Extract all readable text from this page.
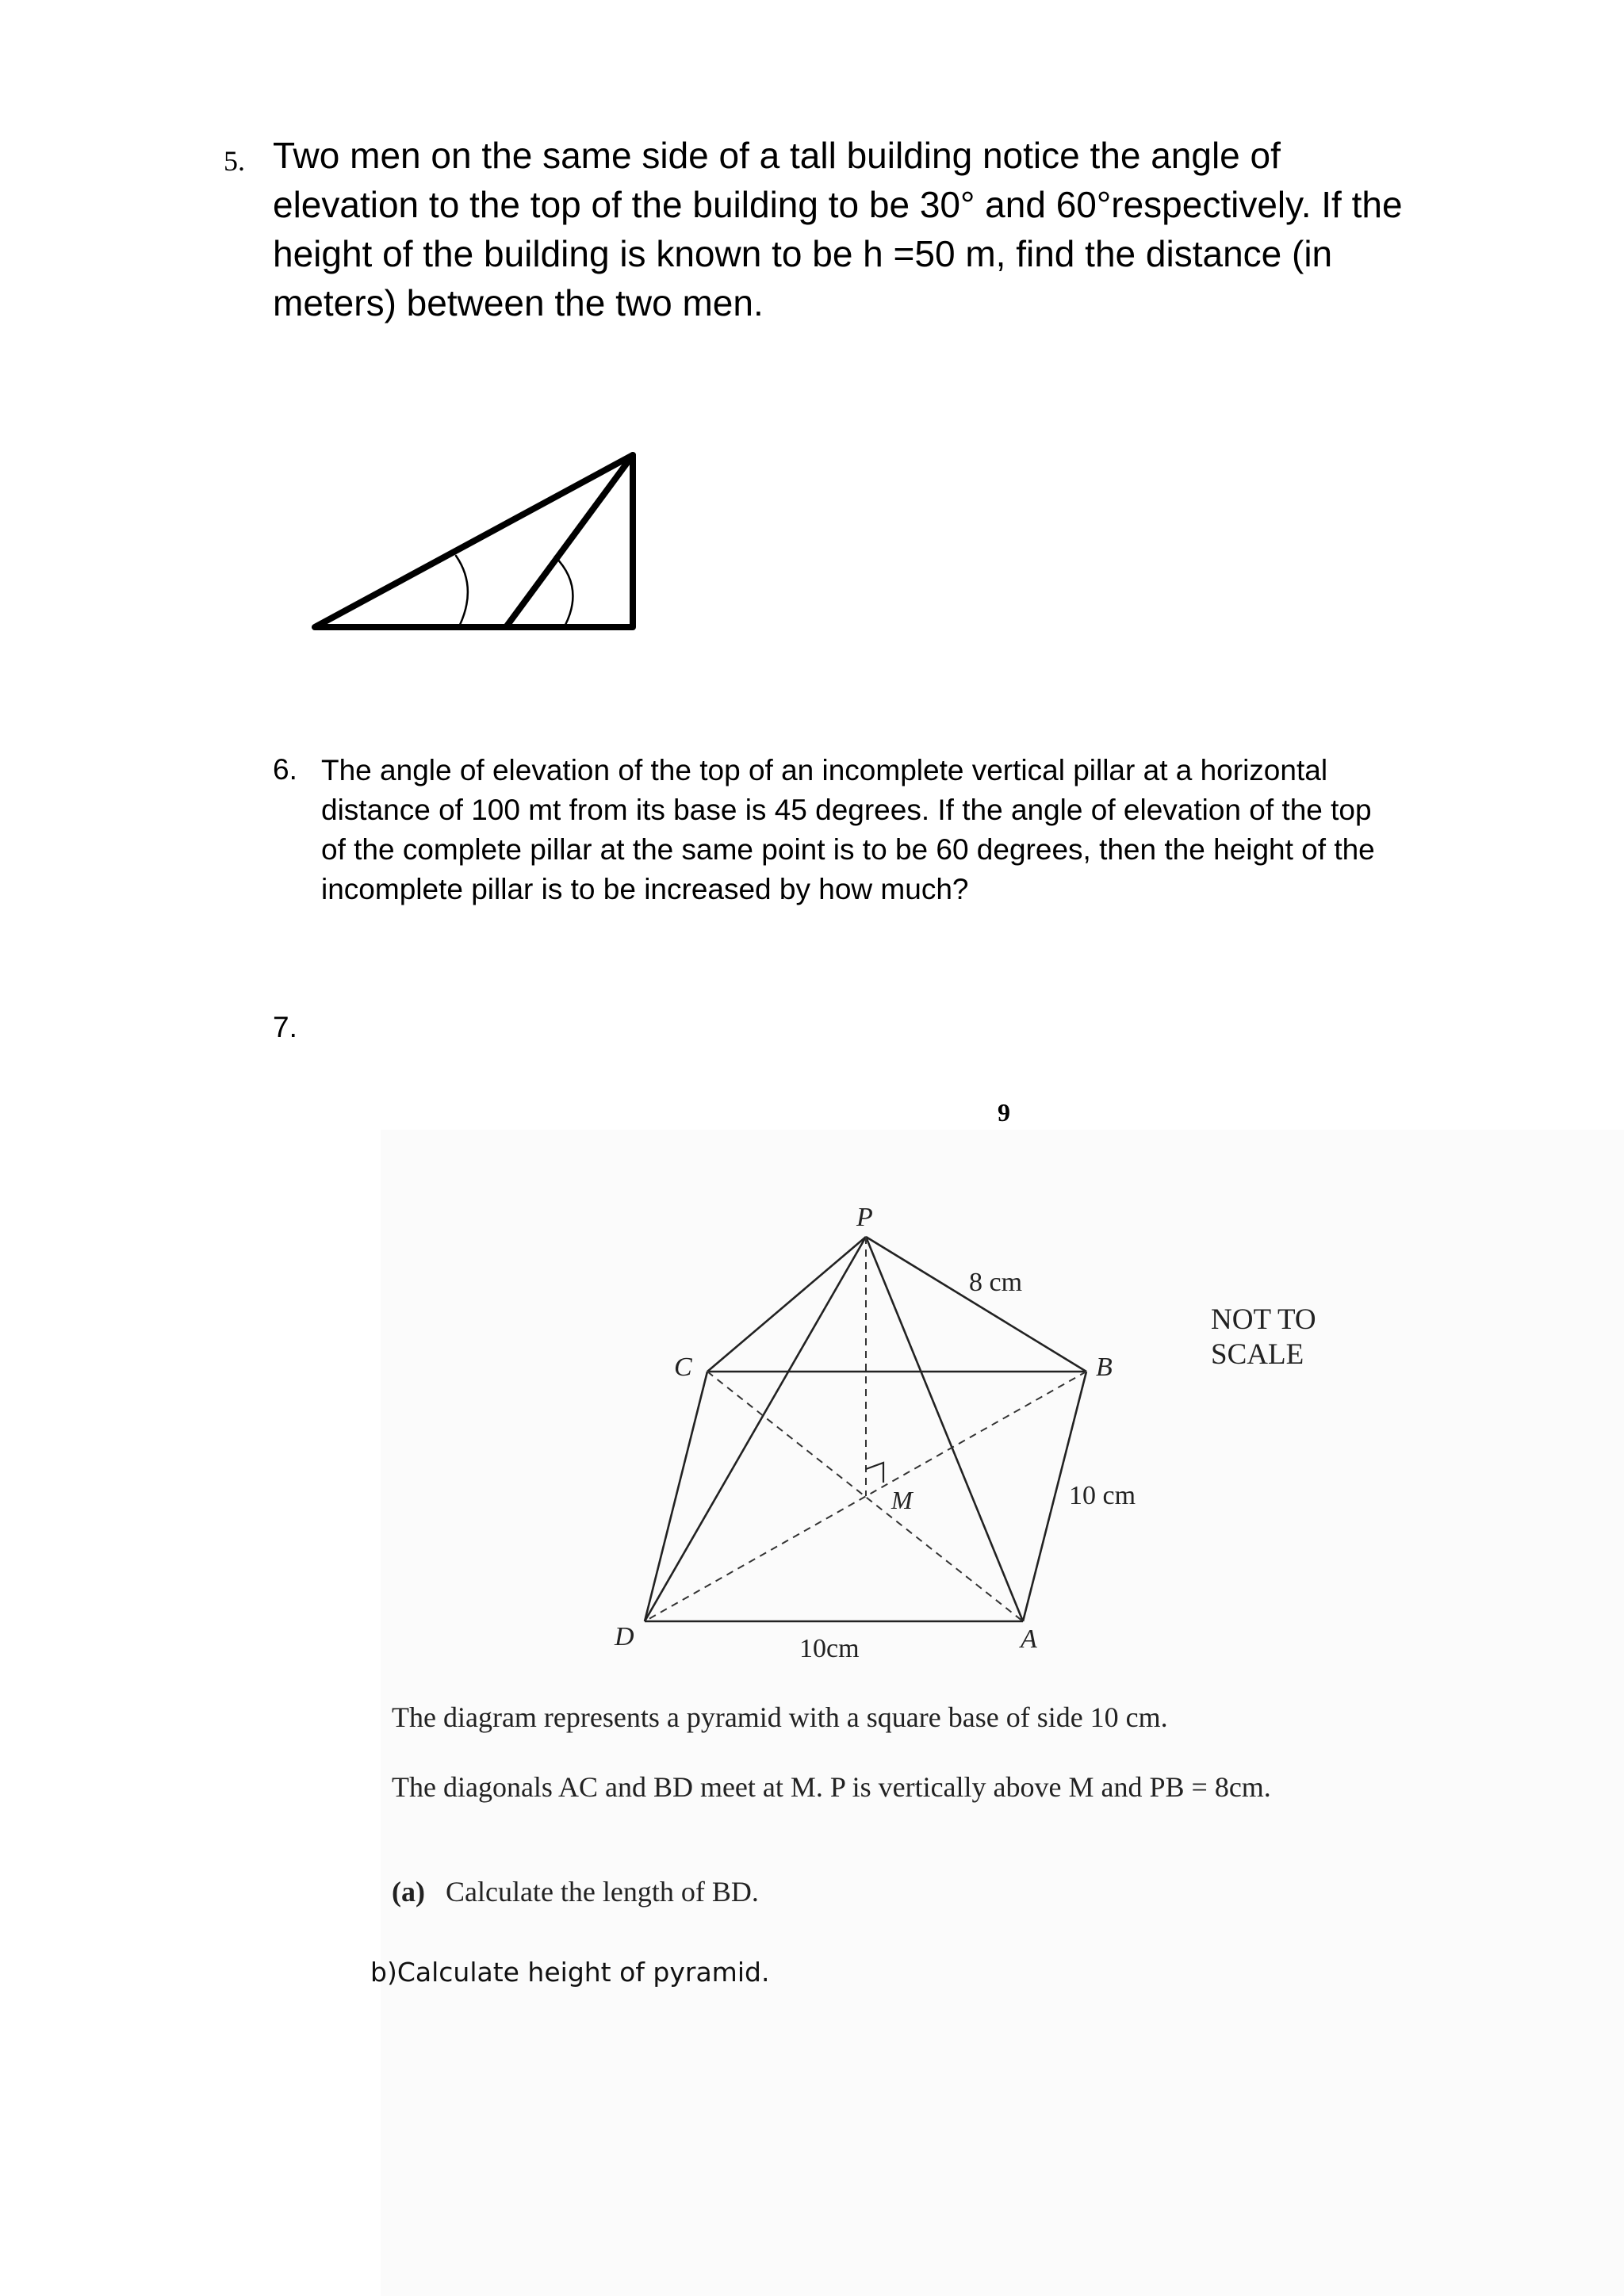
5. Two men on the same side of a tall building notice the angle of
elevation to the top of the building to be 30° and 60°respectively. If the
height of the building is known to be h =50 m, find the distance (in
meters) between the two men.
6. The angle of elevation of the top of an incomplete vertical pillar at a horizontal
distance of 100 mt from its base is 45 degrees. If the angle of elevation of the top
of the complete pillar at the same point is to be 60 degrees, then the height of the
incomplete pillar is to be increased by how much?
7.
9
P
C	B
D	A
M
8 cm
10 cm
10cm
NOT TO
SCALE
The diagram represents a pyramid with a square base of side 10 cm.
The diagonals AC and BD meet at M. P is vertically above M and PB = 8cm.
(a) Calculate the length of BD.
b)Calculate height of pyramid.
